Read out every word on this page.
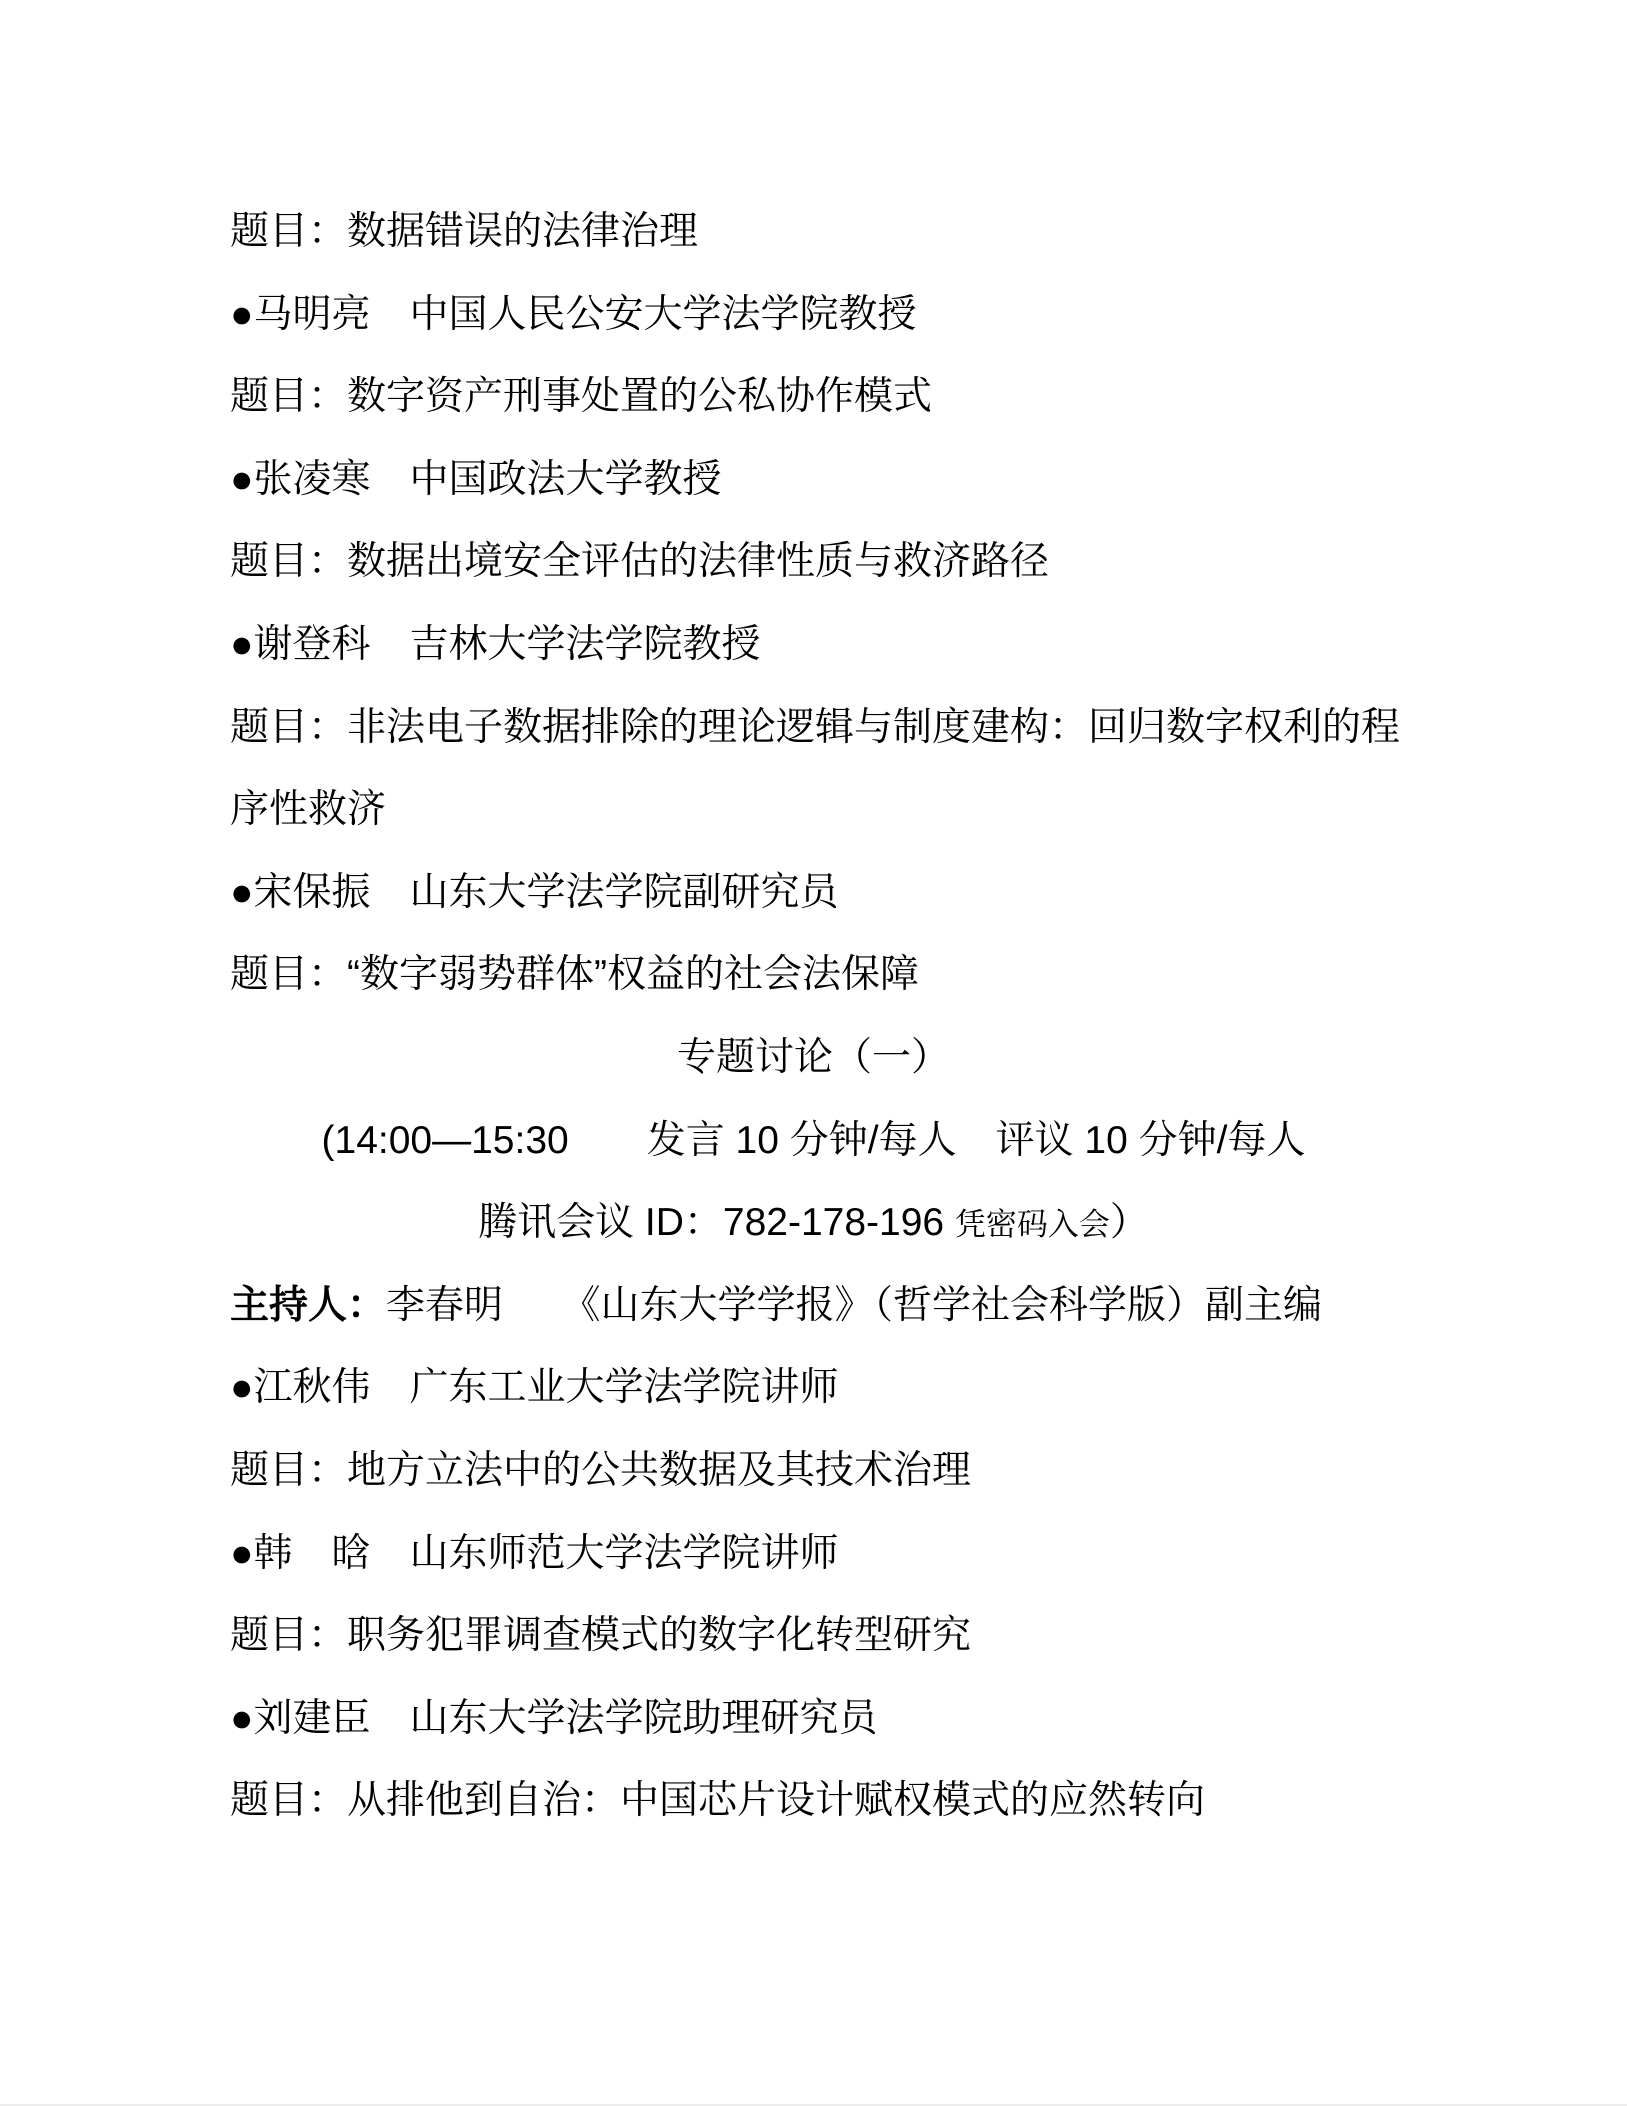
题目：数据错误的法律治理
●马明亮　中国人民公安大学法学院教授
题目：数字资产刑事处置的公私协作模式
●张凌寒　中国政法大学教授
题目：数据出境安全评估的法律性质与救济路径
●谢登科　吉林大学法学院教授
题目：非法电子数据排除的理论逻辑与制度建构：回归数字权利的程
序性救济
●宋保振　山东大学法学院副研究员
题目：“数字弱势群体”权益的社会法保障
专题讨论（一）
(14:00—15:30　　发言 10 分钟/每人　评议 10 分钟/每人
腾讯会议 ID：782-178-196 凭密码入会）
主持人：李春明　　《山东大学学报》（哲学社会科学版）副主编
●江秋伟　广东工业大学法学院讲师
题目：地方立法中的公共数据及其技术治理
●韩　晗　山东师范大学法学院讲师
题目：职务犯罪调查模式的数字化转型研究
●刘建臣　山东大学法学院助理研究员
题目：从排他到自治：中国芯片设计赋权模式的应然转向
